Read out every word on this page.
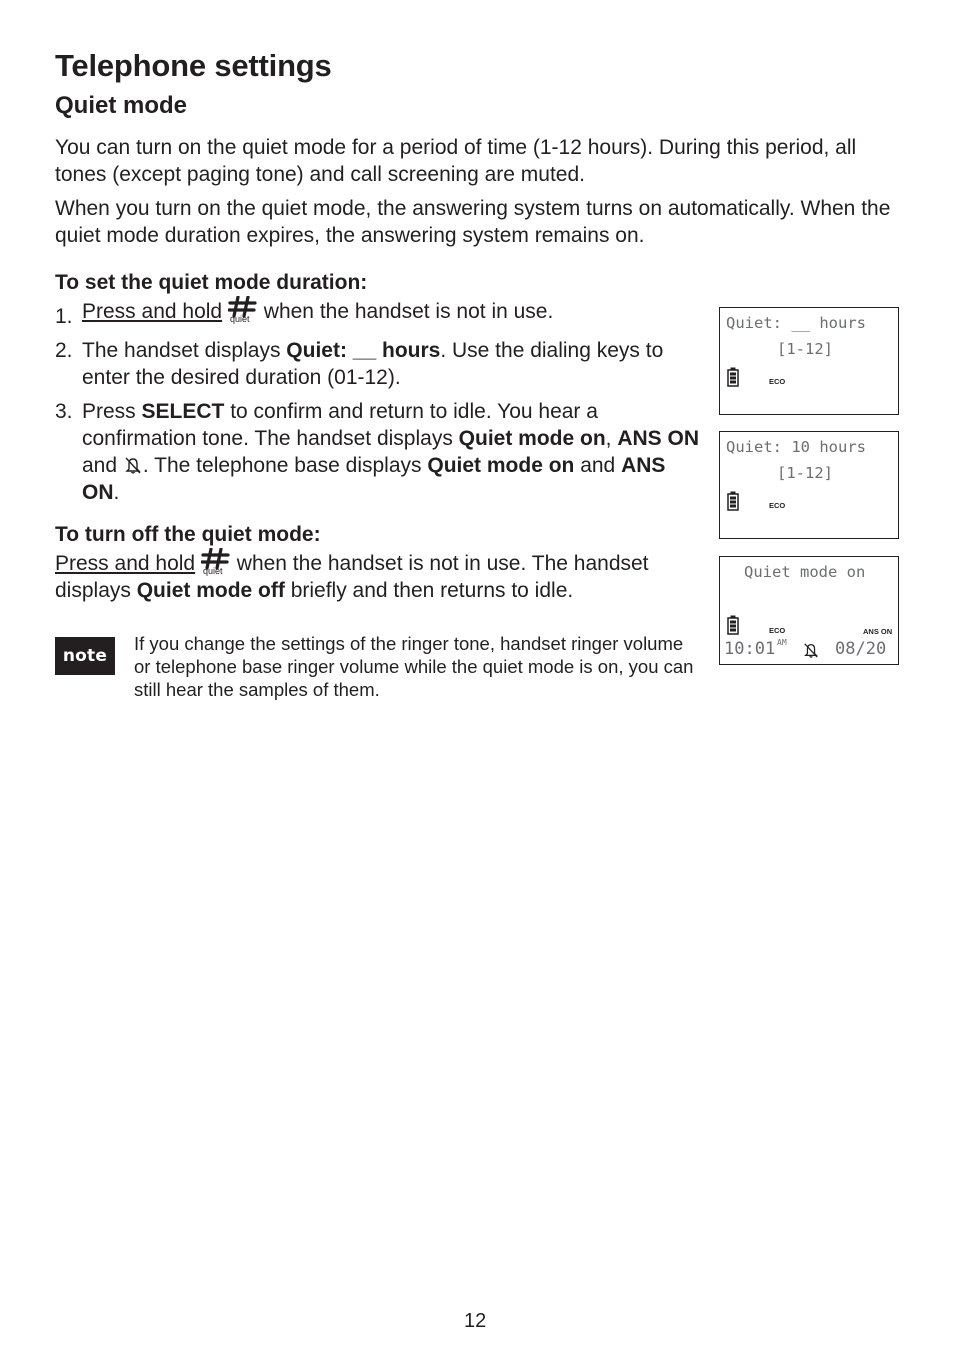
Telephone settings
Quiet mode

You can turn on the quiet mode for a period of time (1-12 hours). During this period, all tones (except paging tone) and call screening are muted.

When you turn on the quiet mode, the answering system turns on automatically. When the quiet mode duration expires, the answering system remains on.

To set the quiet mode duration:

1. Press and hold quiet when the handset is not in use.
2. The handset displays Quiet: __ hours. Use the dialing keys to enter the desired duration (01-12).

3. Press SELECT to confirm and return to idle. You hear a confirmation tone. The handset displays Quiet mode on, ANS ON and . The telephone base displays Quiet mode on and ANS ON.

To turn off the quiet mode:

Press and hold quiet when the handset is not in use. The handset displays Quiet mode off briefly and then returns to idle.

note

If you change the settings of the ringer tone, handset ringer volume or telephone base ringer volume while the quiet mode is on, you can still hear the samples of them.

Quiet: __ hours
[1-12]
ECO
Quiet: 10 hours
[1-12]
ECO
Quiet mode on
ECO	ANS ON
10:01 AM	08/20
12
